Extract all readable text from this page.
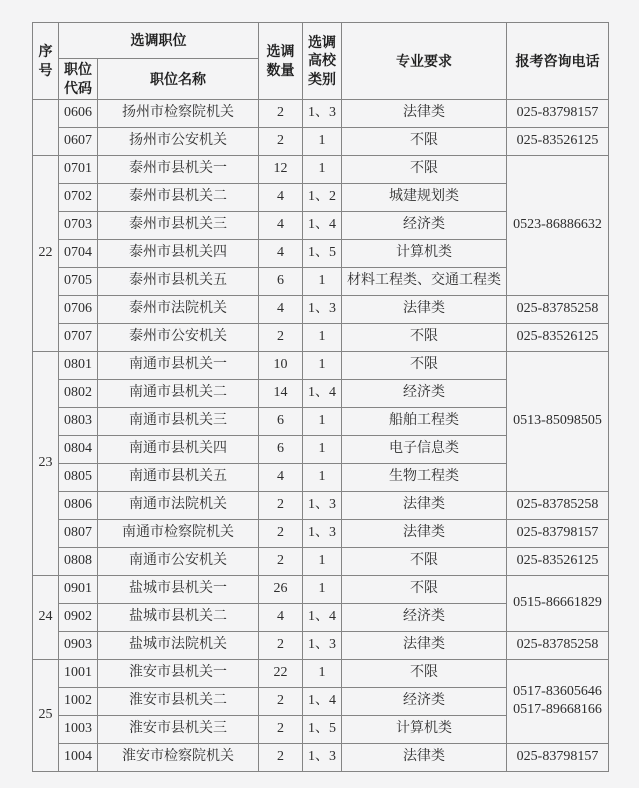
序号	选调职位		选调数量	选调高校类别	专业要求	报考咨询电话
	职位代码	职位名称				
	0606	扬州市检察院机关	2	1、3	法律类	025-83798157
	0607	扬州市公安机关	2	1	不限	025-83526125
22	0701	泰州市县机关一	12	1	不限	0523-86886632
	0702	泰州市县机关二	4	1、2	城建规划类	
	0703	泰州市县机关三	4	1、4	经济类	
	0704	泰州市县机关四	4	1、5	计算机类	
	0705	泰州市县机关五	6	1	材料工程类、交通工程类	
	0706	泰州市法院机关	4	1、3	法律类	025-83785258
	0707	泰州市公安机关	2	1	不限	025-83526125
23	0801	南通市县机关一	10	1	不限	0513-85098505
	0802	南通市县机关二	14	1、4	经济类	
	0803	南通市县机关三	6	1	船舶工程类	
	0804	南通市县机关四	6	1	电子信息类	
	0805	南通市县机关五	4	1	生物工程类	
	0806	南通市法院机关	2	1、3	法律类	025-83785258
	0807	南通市检察院机关	2	1、3	法律类	025-83798157
	0808	南通市公安机关	2	1	不限	025-83526125
24	0901	盐城市县机关一	26	1	不限	0515-86661829
	0902	盐城市县机关二	4	1、4	经济类	
	0903	盐城市法院机关	2	1、3	法律类	025-83785258
25	1001	淮安市县机关一	22	1	不限	0517-83605646
0517-89668166
	1002	淮安市县机关二	2	1、4	经济类	
	1003	淮安市县机关三	2	1、5	计算机类	
	1004	淮安市检察院机关	2	1、3	法律类	025-83798157
